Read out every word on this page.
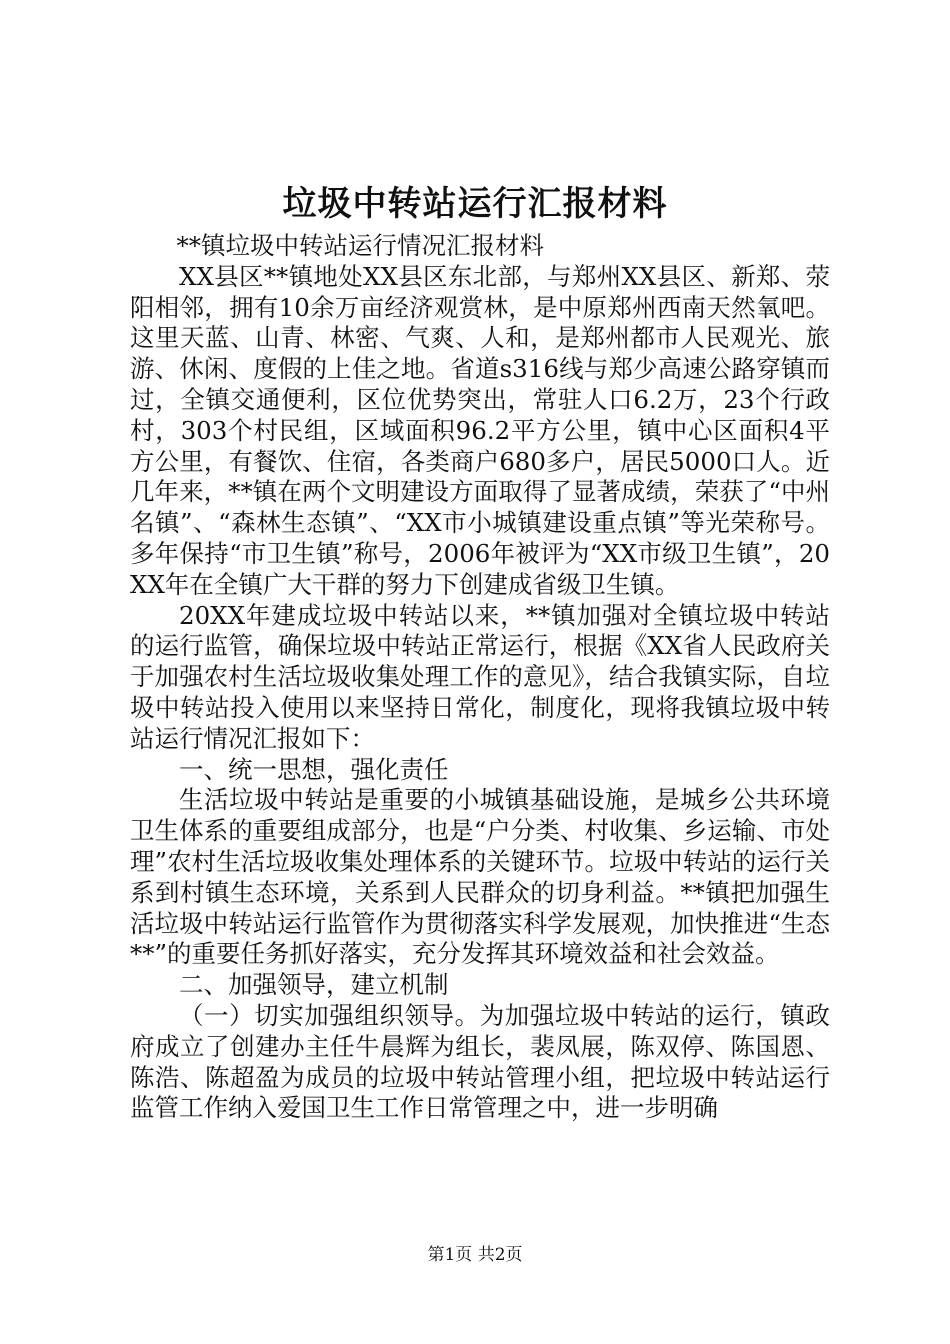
垃圾中转站运行汇报材料

**镇垃圾中转站运行情况汇报材料

XX县区**镇地处XX县区东北部，与郑州XX县区、新郑、荥阳相邻，拥有10余万亩经济观赏林，是中原郑州西南天然氧吧。这里天蓝、山青、林密、气爽、人和，是郑州都市人民观光、旅游、休闲、度假的上佳之地。省道s316线与郑少高速公路穿镇而过，全镇交通便利，区位优势突出，常驻人口6.2万，23个行政村，303个村民组，区域面积96.2平方公里，镇中心区面积4平方公里，有餐饮、住宿，各类商户680多户，居民5000口人。近几年来，**镇在两个文明建设方面取得了显著成绩，荣获了“中州名镇”、“森林生态镇”、“XX市小城镇建设重点镇”等光荣称号。多年保持“市卫生镇”称号，2006年被评为“XX市级卫生镇”，20XX年在全镇广大干群的努力下创建成省级卫生镇。

20XX年建成垃圾中转站以来，**镇加强对全镇垃圾中转站的运行监管，确保垃圾中转站正常运行，根据《XX省人民政府关于加强农村生活垃圾收集处理工作的意见》，结合我镇实际，自垃圾中转站投入使用以来坚持日常化，制度化，现将我镇垃圾中转站运行情况汇报如下：

一、统一思想，强化责任

生活垃圾中转站是重要的小城镇基础设施，是城乡公共环境卫生体系的重要组成部分，也是“户分类、村收集、乡运输、市处理”农村生活垃圾收集处理体系的关键环节。垃圾中转站的运行关系到村镇生态环境，关系到人民群众的切身利益。**镇把加强生活垃圾中转站运行监管作为贯彻落实科学发展观，加快推进“生态**”的重要任务抓好落实，充分发挥其环境效益和社会效益。

二、加强领导，建立机制

（一）切实加强组织领导。为加强垃圾中转站的运行，镇政府成立了创建办主任牛晨辉为组长，裴凤展，陈双停、陈国恩、陈浩、陈超盈为成员的垃圾中转站管理小组，把垃圾中转站运行监管工作纳入爱国卫生工作日常管理之中，进一步明确

第1页 共2页
